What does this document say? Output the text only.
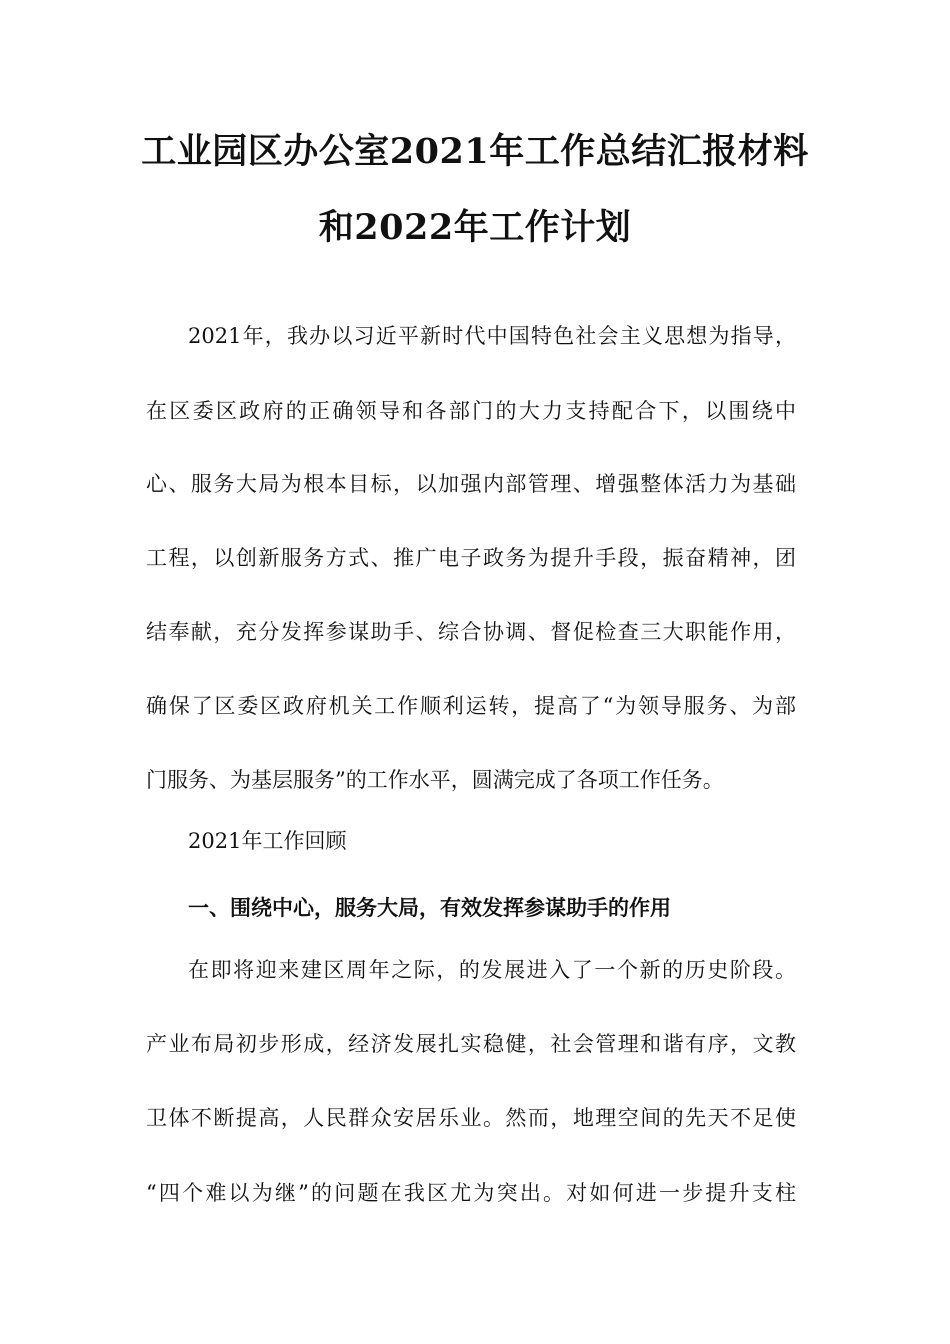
工业园区办公室2021年工作总结汇报材料
和2022年工作计划
2021年，我办以习近平新时代中国特色社会主义思想为指导，
在区委区政府的正确领导和各部门的大力支持配合下，以围绕中
心、服务大局为根本目标，以加强内部管理、增强整体活力为基础
工程，以创新服务方式、推广电子政务为提升手段，振奋精神，团
结奉献，充分发挥参谋助手、综合协调、督促检查三大职能作用，
确保了区委区政府机关工作顺利运转，提高了“为领导服务、为部
门服务、为基层服务”的工作水平，圆满完成了各项工作任务。
2021年工作回顾
一、围绕中心，服务大局，有效发挥参谋助手的作用
在即将迎来建区周年之际，的发展进入了一个新的历史阶段。
产业布局初步形成，经济发展扎实稳健，社会管理和谐有序，文教
卫体不断提高，人民群众安居乐业。然而，地理空间的先天不足使
“四个难以为继”的问题在我区尤为突出。对如何进一步提升支柱
